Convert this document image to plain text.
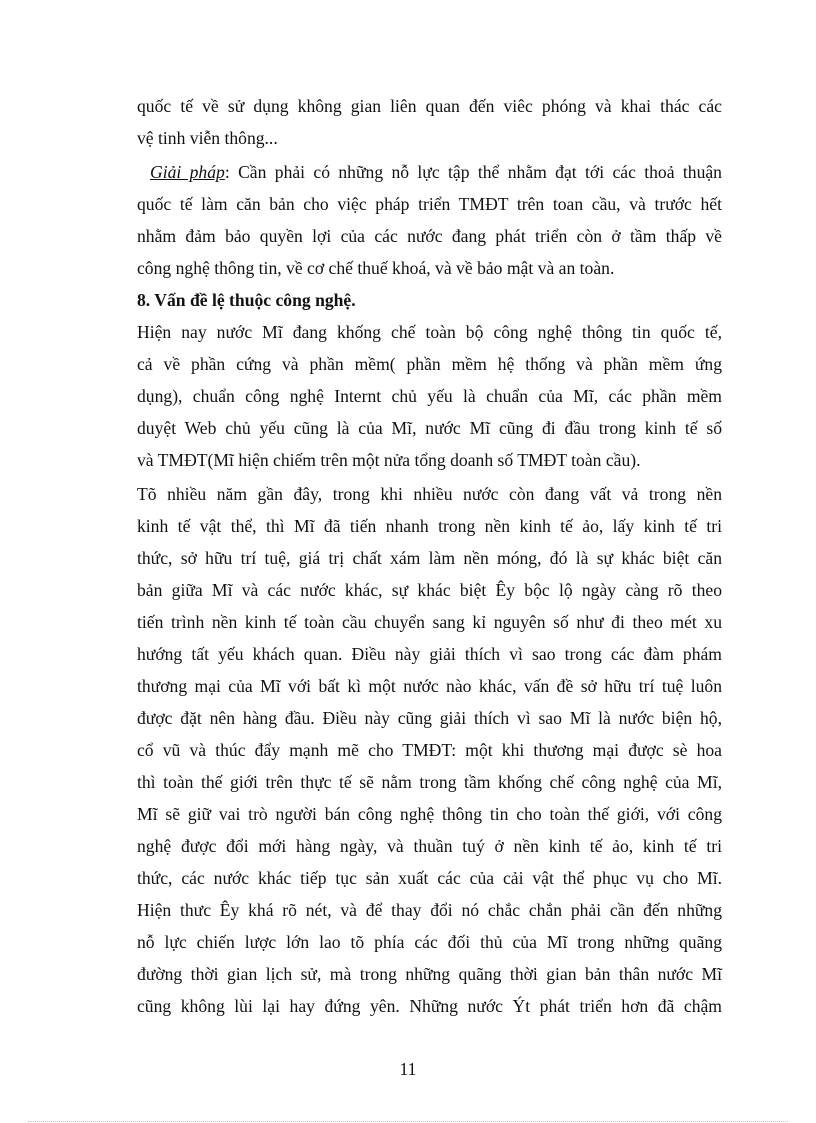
quốc tế về sử dụng không gian liên quan đến viêc phóng và khai thác các
vệ tinh viễn thông...
Giải pháp: Cần phải có những nỗ lực tập thể nhằm đạt tới các thoả thuận
quốc tế làm căn bản cho việc pháp triển TMĐT trên toan cầu, và trước hết
nhằm đảm bảo quyền lợi của các nước đang phát triển còn ở tầm thấp về
công nghệ thông tin, về cơ chế thuế khoá, và về bảo mật và an toàn.
8. Vấn đề lệ thuộc công nghệ.
Hiện nay nước Mĩ đang khống chế toàn bộ công nghệ thông tin quốc tế,
cả về phần cứng và phần mềm( phần mềm hệ thống và phần mềm ứng
dụng), chuẩn công nghệ Internt chủ yếu là chuẩn của Mĩ, các phần mềm
duyệt Web chủ yếu cũng là của Mĩ, nước Mĩ cũng đi đầu trong kinh tế số
và TMĐT(Mĩ hiện chiếm trên một nửa tổng doanh số TMĐT toàn cầu).
Tõ nhiều năm gần đây, trong khi nhiều nước còn đang vất vả trong nền
kinh tế vật thể, thì Mĩ đã tiến nhanh trong nền kinh tế ảo, lấy kinh tế tri
thức, sở hữu trí tuệ, giá trị chất xám làm nền móng, đó là sự khác biệt căn
bản giữa Mĩ và các nước khác, sự khác biệt Êy bộc lộ ngày càng rõ theo
tiến trình nền kinh tế toàn cầu chuyển sang kỉ nguyên số như đi theo mét xu
hướng tất yếu khách quan. Điều này giải thích vì sao trong các đàm phám
thương mại của Mĩ với bất kì một nước nào khác, vấn đề sở hữu trí tuệ luôn
được đặt nên hàng đầu. Điều này cũng giải thích vì sao Mĩ là nước biện hộ,
cổ vũ và thúc đẩy mạnh mẽ cho TMĐT: một khi thương mại được sè hoa
thì toàn thế giới trên thực tế sẽ nằm trong tầm khống chế công nghệ của Mĩ,
Mĩ sẽ giữ vai trò người bán công nghệ thông tin cho toàn thế giới, với công
nghệ được đổi mới hàng ngày, và thuần tuý ở nền kinh tế ảo, kinh tế tri
thức, các nước khác tiếp tục sản xuất các của cải vật thể phục vụ cho Mĩ.
Hiện thưc Êy khá rõ nét, và để thay đổi nó chắc chắn phải cần đến những
nỗ lực chiến lược lớn lao tõ phía các đối thủ của Mĩ trong những quãng
đường thời gian lịch sử, mà trong những quãng thời gian bản thân nước Mĩ
cũng không lùi lại hay đứng yên. Những nước Ýt phát triển hơn đã chậm
11
